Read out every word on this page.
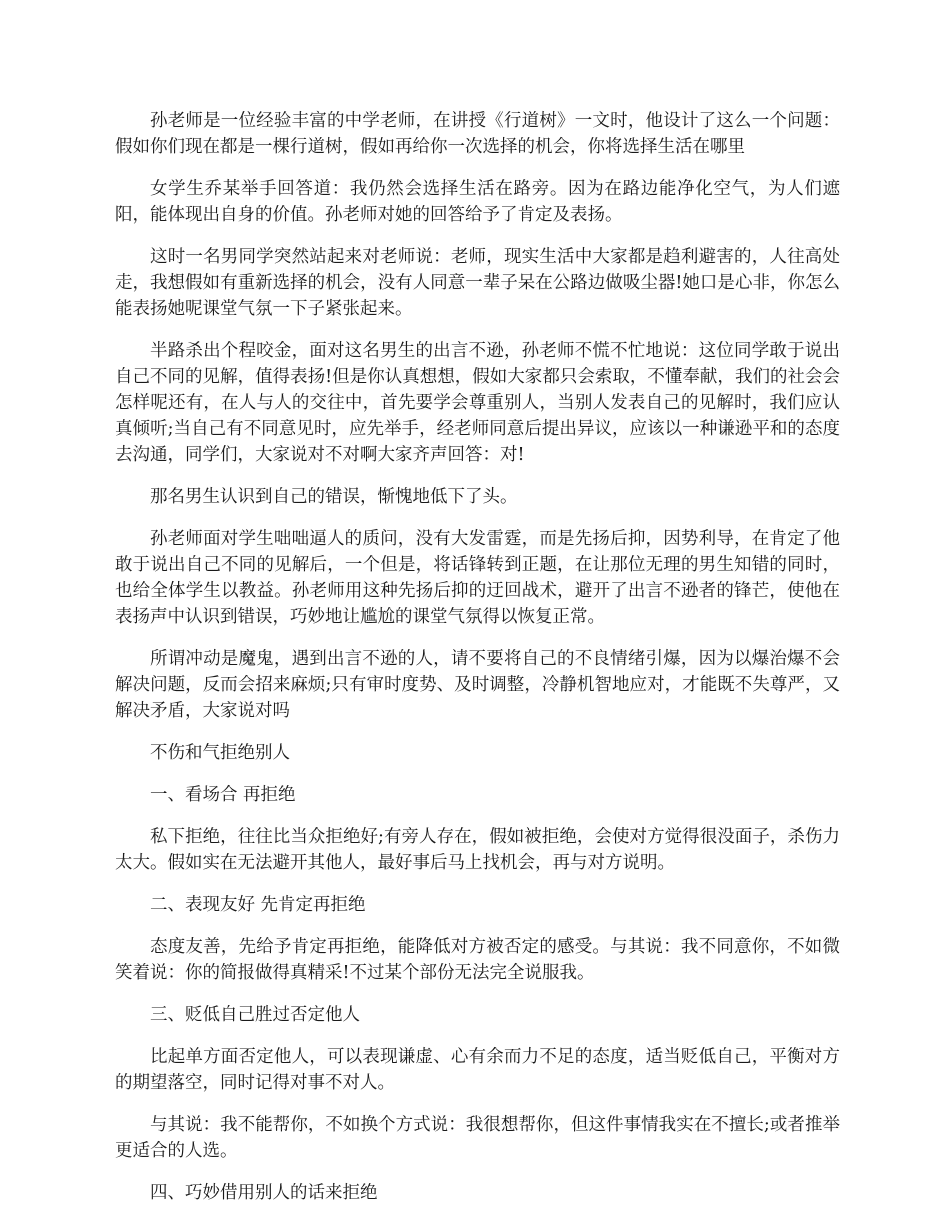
孙老师是一位经验丰富的中学老师，在讲授《行道树》一文时，他设计了这么一个问题：假如你们现在都是一棵行道树，假如再给你一次选择的机会，你将选择生活在哪里

女学生乔某举手回答道：我仍然会选择生活在路旁。因为在路边能净化空气，为人们遮阳，能体现出自身的价值。孙老师对她的回答给予了肯定及表扬。

这时一名男同学突然站起来对老师说：老师，现实生活中大家都是趋利避害的，人往高处走，我想假如有重新选择的机会，没有人同意一辈子呆在公路边做吸尘器!她口是心非，你怎么能表扬她呢课堂气氛一下子紧张起来。

半路杀出个程咬金，面对这名男生的出言不逊，孙老师不慌不忙地说：这位同学敢于说出自己不同的见解，值得表扬!但是你认真想想，假如大家都只会索取，不懂奉献，我们的社会会怎样呢还有，在人与人的交往中，首先要学会尊重别人，当别人发表自己的见解时，我们应认真倾听;当自己有不同意见时，应先举手，经老师同意后提出异议，应该以一种谦逊平和的态度去沟通，同学们，大家说对不对啊大家齐声回答：对!

那名男生认识到自己的错误，惭愧地低下了头。

孙老师面对学生咄咄逼人的质问，没有大发雷霆，而是先扬后抑，因势利导，在肯定了他敢于说出自己不同的见解后，一个但是，将话锋转到正题，在让那位无理的男生知错的同时，也给全体学生以教益。孙老师用这种先扬后抑的迂回战术，避开了出言不逊者的锋芒，使他在表扬声中认识到错误，巧妙地让尴尬的课堂气氛得以恢复正常。

所谓冲动是魔鬼，遇到出言不逊的人，请不要将自己的不良情绪引爆，因为以爆治爆不会解决问题，反而会招来麻烦;只有审时度势、及时调整，冷静机智地应对，才能既不失尊严，又解决矛盾，大家说对吗

不伤和气拒绝别人

一、看场合 再拒绝

私下拒绝，往往比当众拒绝好;有旁人存在，假如被拒绝，会使对方觉得很没面子，杀伤力太大。假如实在无法避开其他人，最好事后马上找机会，再与对方说明。

二、表现友好 先肯定再拒绝

态度友善，先给予肯定再拒绝，能降低对方被否定的感受。与其说：我不同意你，不如微笑着说：你的简报做得真精采!不过某个部份无法完全说服我。

三、贬低自己胜过否定他人

比起单方面否定他人，可以表现谦虚、心有余而力不足的态度，适当贬低自己，平衡对方的期望落空，同时记得对事不对人。

与其说：我不能帮你，不如换个方式说：我很想帮你，但这件事情我实在不擅长;或者推举更适合的人选。

四、巧妙借用别人的话来拒绝
